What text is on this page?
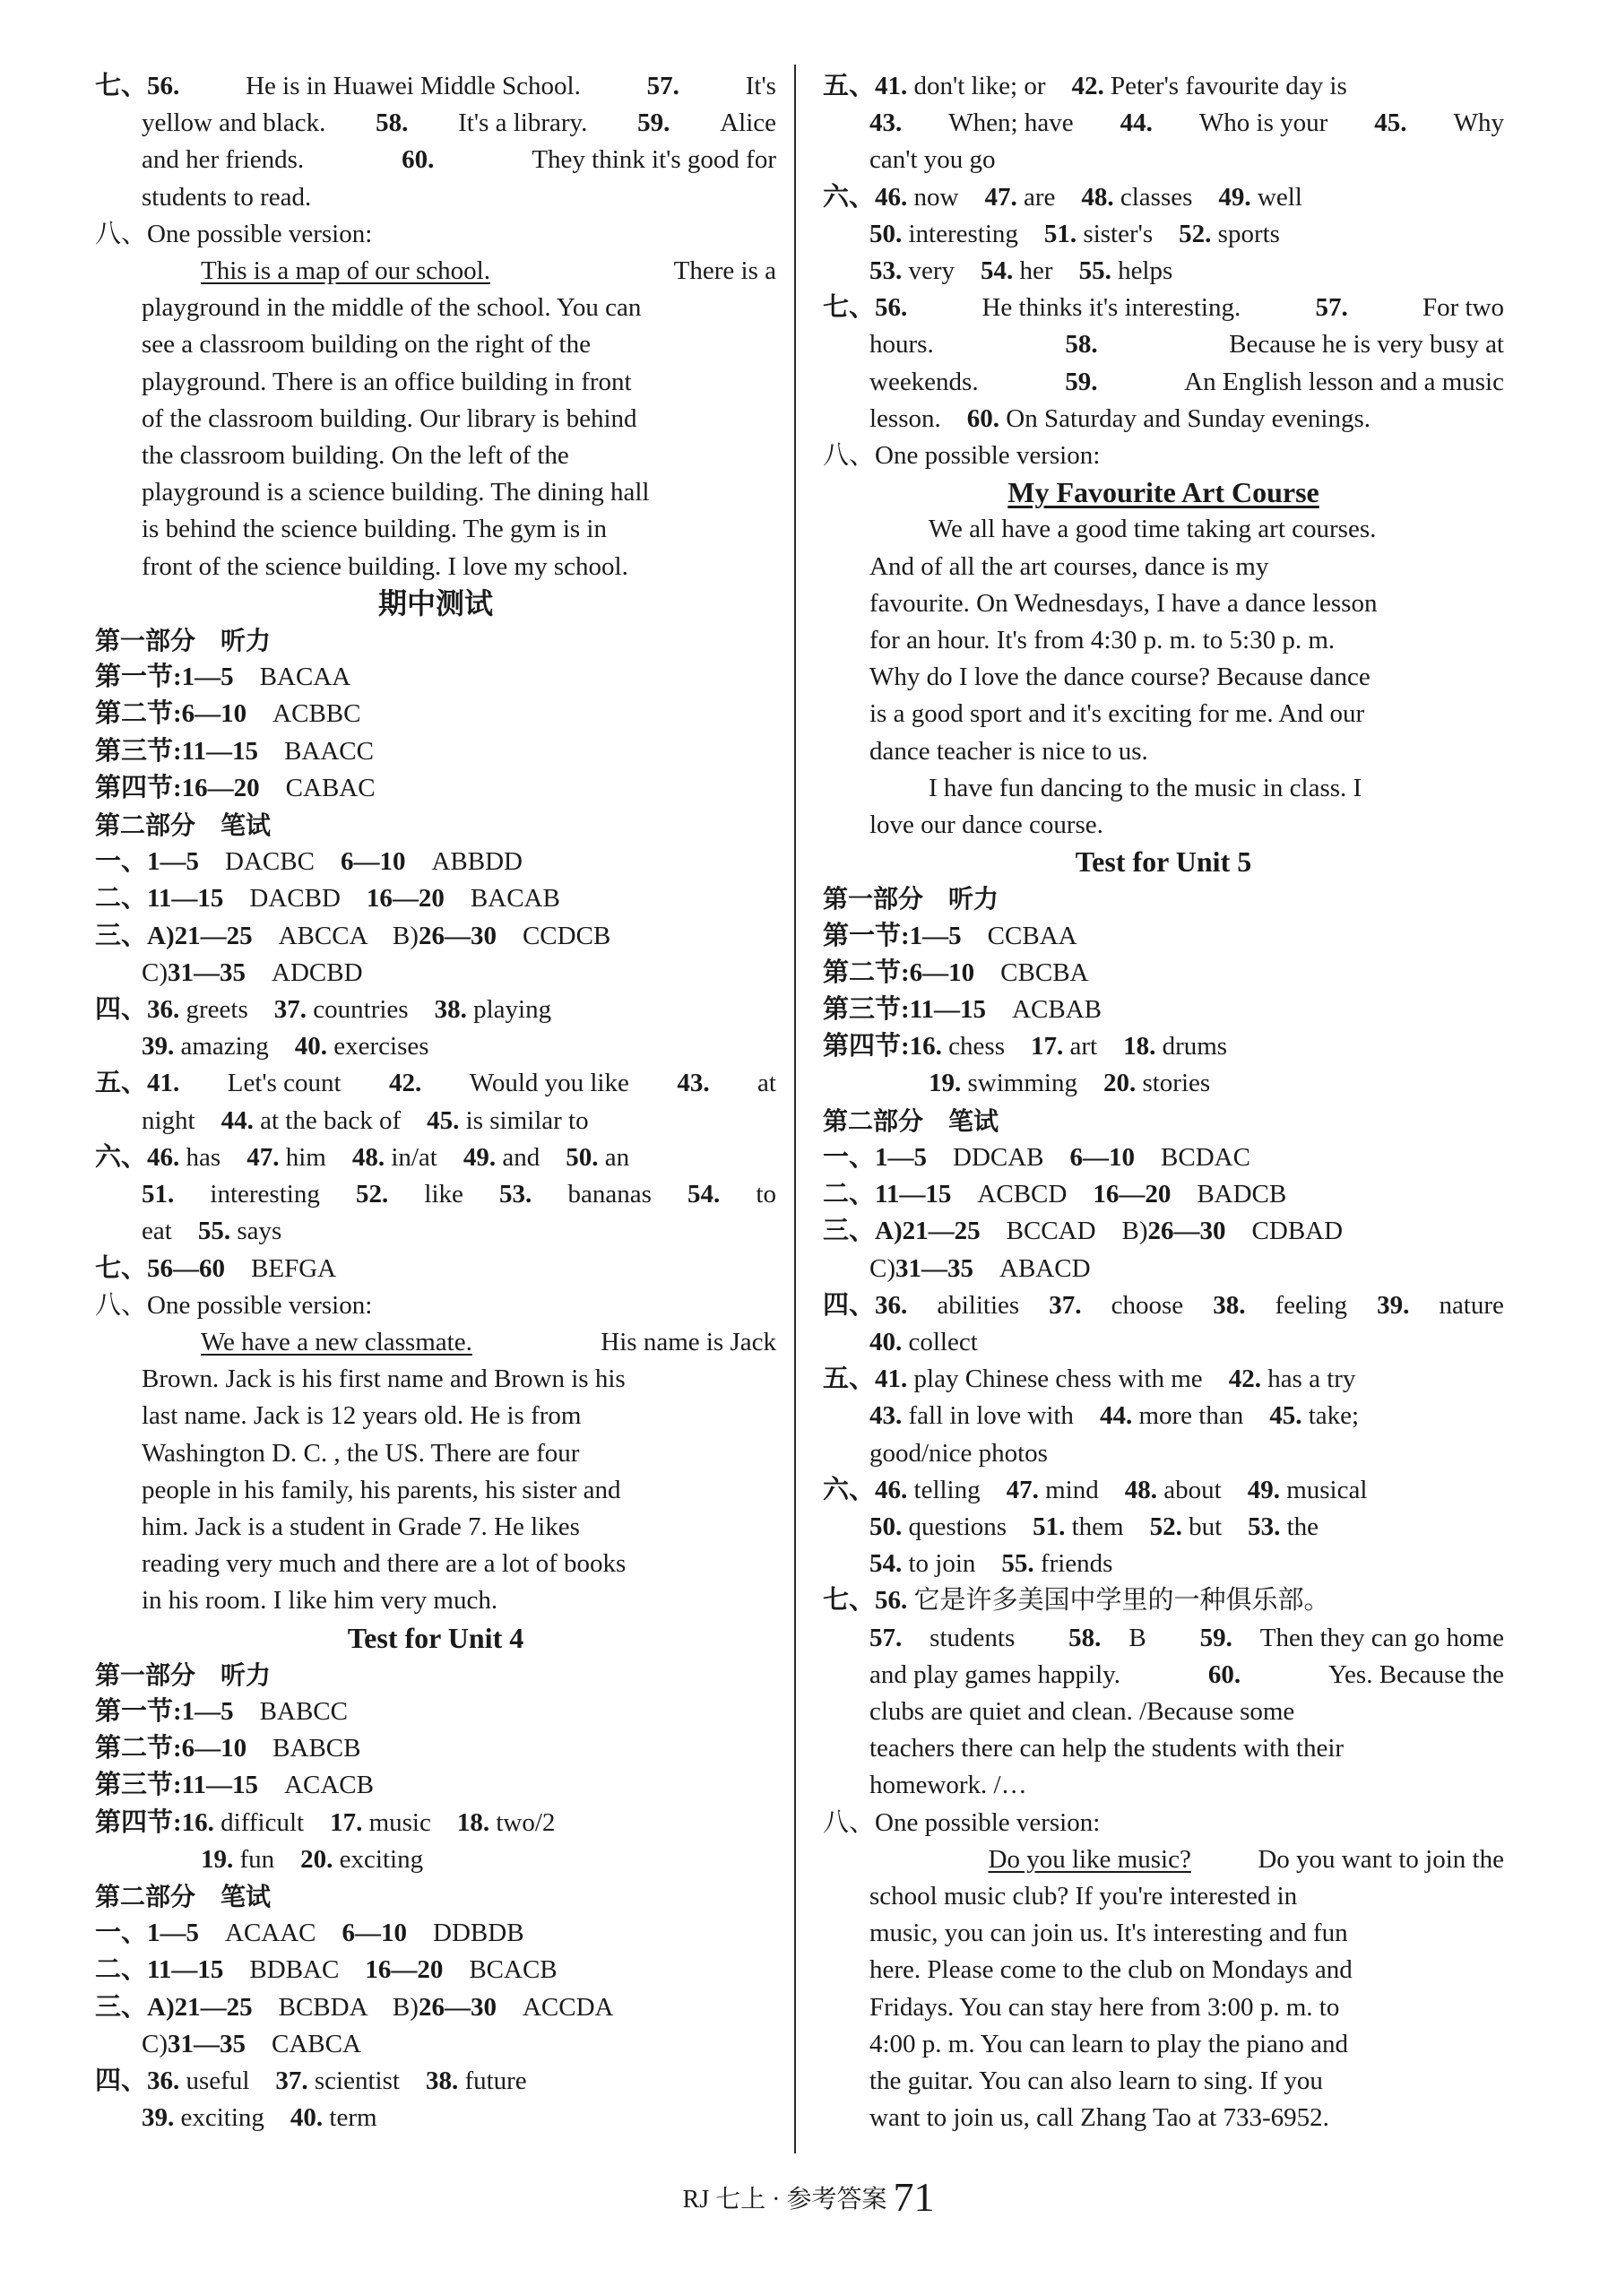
七、56.	He is in Huawei Middle School.	57.	It's
yellow and black. 58. It's a library. 59. Alice
and her friends.	60.	They think it's good for
students to read.
八、One possible version:
This is a map of our school.	There is a
playground in the middle of the school. You can
see a classroom building on the right of the
playground. There is an office building in front
of the classroom building. Our library is behind
the classroom building. On the left of the
playground is a science building. The dining hall
is behind the science building. The gym is in
front of the science building. I love my school.
期中测试
第一部分　听力
第一节:1—5　BACAA
第二节:6—10　ACBBC
第三节:11—15　BAACC
第四节:16—20　CABAC
第二部分　笔试
一、1—5　DACBC　6—10　ABBDD
二、11—15　DACBD　16—20　BACAB
三、A)21—25　ABCCA　B)26—30　CCDCB
C)31—35　ADCBD
四、36. greets　37. countries　38. playing
39. amazing　40. exercises
五、41. Let's count 42. Would you like 43. at
night　44. at the back of　45. is similar to
六、46. has　47. him　48. in/at　49. and　50. an
51. interesting 52. like 53. bananas 54. to
eat　55. says
七、56—60　BEFGA
八、One possible version:
We have a new classmate.	His name is Jack
Brown. Jack is his first name and Brown is his
last name. Jack is 12 years old. He is from
Washington D. C. , the US. There are four
people in his family, his parents, his sister and
him. Jack is a student in Grade 7. He likes
reading very much and there are a lot of books
in his room. I like him very much.
Test for Unit 4
第一部分　听力
第一节:1—5　BABCC
第二节:6—10　BABCB
第三节:11—15　ACACB
第四节:16. difficult　17. music　18. two/2
19. fun　20. exciting
第二部分　笔试
一、1—5　ACAAC　6—10　DDBDB
二、11—15　BDBAC　16—20　BCACB
三、A)21—25　BCBDA　B)26—30　ACCDA
C)31—35　CABCA
四、36. useful　37. scientist　38. future
39. exciting　40. term
五、41. don't like; or　42. Peter's favourite day is
43. When; have 44. Who is your 45. Why
can't you go
六、46. now　47. are　48. classes　49. well
50. interesting　51. sister's　52. sports
53. very　54. her　55. helps
七、56.	He thinks it's interesting.	57.	For two
hours.	58.	Because he is very busy at
weekends.	59.	An English lesson and a music
lesson.　60. On Saturday and Sunday evenings.
八、One possible version:
My Favourite Art Course
We all have a good time taking art courses.
And of all the art courses, dance is my
favourite. On Wednesdays, I have a dance lesson
for an hour. It's from 4:30 p. m. to 5:30 p. m.
Why do I love the dance course? Because dance
is a good sport and it's exciting for me. And our
dance teacher is nice to us.
I have fun dancing to the music in class. I
love our dance course.
Test for Unit 5
第一部分　听力
第一节:1—5　CCBAA
第二节:6—10　CBCBA
第三节:11—15　ACBAB
第四节:16. chess　17. art　18. drums
19. swimming　20. stories
第二部分　笔试
一、1—5　DDCAB　6—10　BCDAC
二、11—15　ACBCD　16—20　BADCB
三、A)21—25　BCCAD　B)26—30　CDBAD
C)31—35　ABACD
四、36. abilities 37. choose 38. feeling 39. nature
40. collect
五、41. play Chinese chess with me　42. has a try
43. fall in love with　44. more than　45. take;
good/nice photos
六、46. telling　47. mind　48. about　49. musical
50. questions　51. them　52. but　53. the
54. to join　55. friends
七、56. 它是许多美国中学里的一种俱乐部。
57. students　 58. B　 59. Then they can go home
and play games happily.	60.	Yes. Because the
clubs are quiet and clean. /Because some
teachers there can help the students with their
homework. /…
八、One possible version:

Do you like music?	Do you want to join the
school music club? If you're interested in
music, you can join us. It's interesting and fun
here. Please come to the club on Mondays and
Fridays. You can stay here from 3:00 p. m. to
4:00 p. m. You can learn to play the piano and
the guitar. You can also learn to sing. If you
want to join us, call Zhang Tao at 733-6952.
RJ 七上 · 参考答案 71
